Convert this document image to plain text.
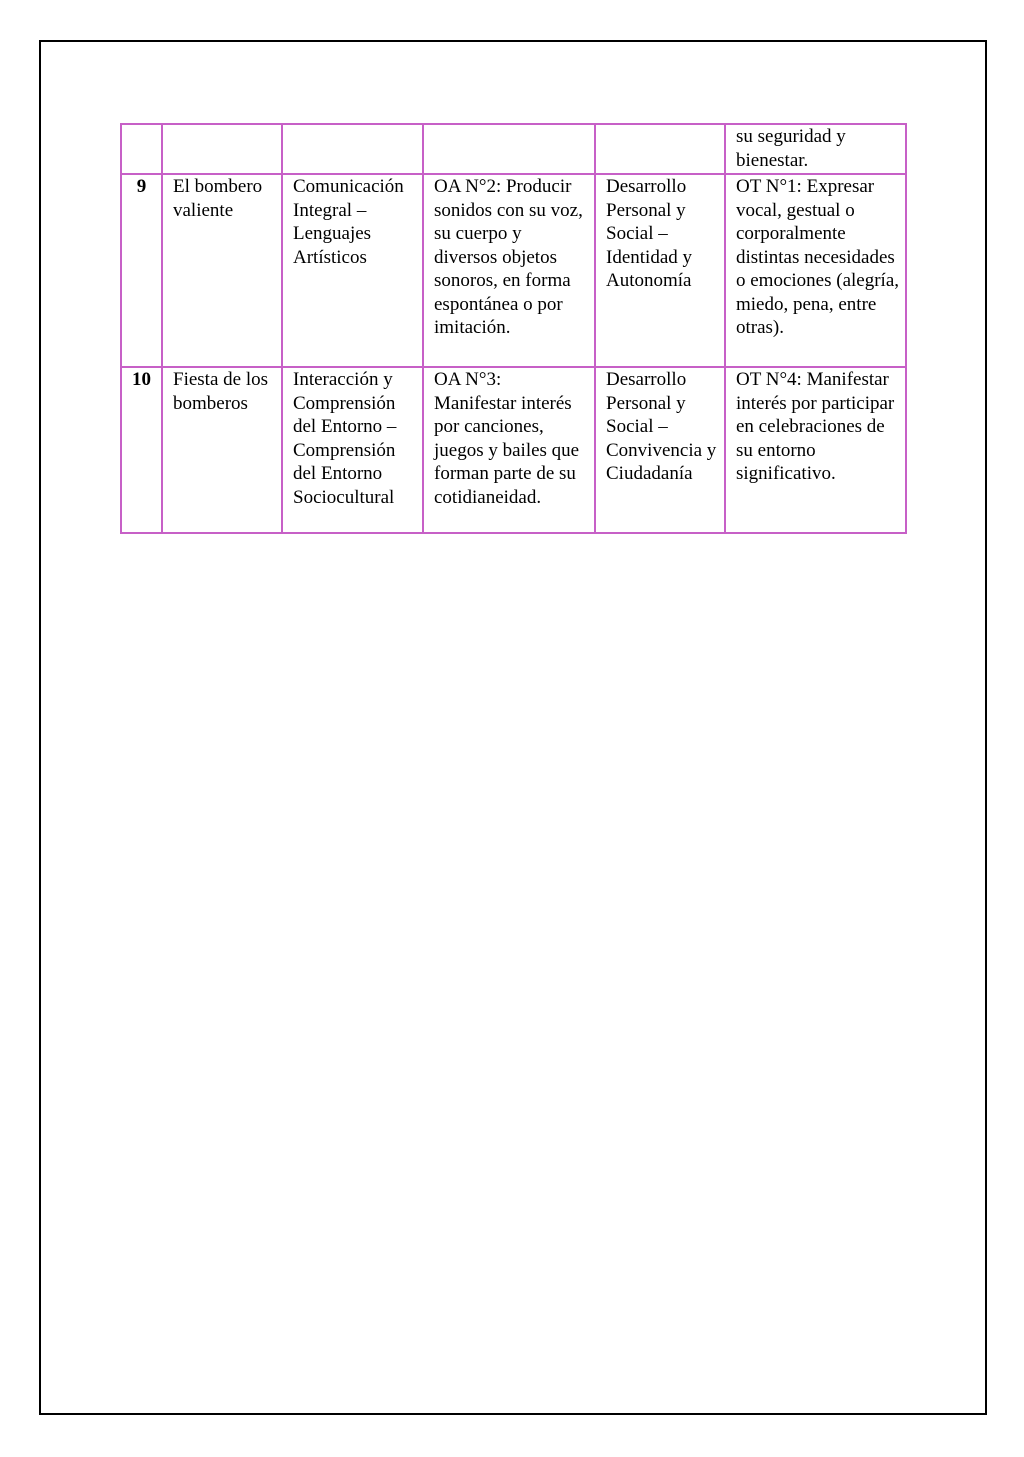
					su seguridad y bienestar.

9	El bombero valiente	Comunicación Integral – Lenguajes Artísticos	OA N°2: Producir sonidos con su voz, su cuerpo y diversos objetos sonoros, en forma espontánea o por imitación.	Desarrollo Personal y Social – Identidad y Autonomía	OT N°1: Expresar vocal, gestual o corporalmente distintas necesidades o emociones (alegría, miedo, pena, entre otras).

10	Fiesta de los bomberos	Interacción y Comprensión del Entorno – Comprensión del Entorno Sociocultural	OA N°3: Manifestar interés por canciones, juegos y bailes que forman parte de su cotidianeidad.	Desarrollo Personal y Social – Convivencia y Ciudadanía	OT N°4: Manifestar interés por participar en celebraciones de su entorno significativo.
